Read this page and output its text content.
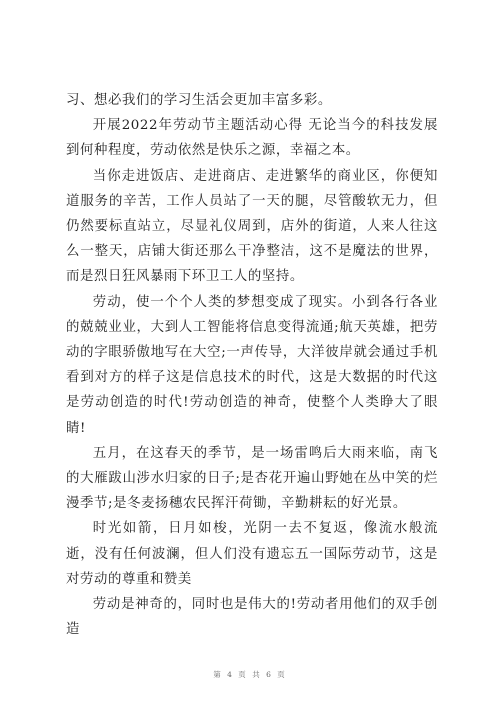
习、想必我们的学习生活会更加丰富多彩。

开展2022年劳动节主题活动心得 无论当今的科技发展到何种程度，劳动依然是快乐之源，幸福之本。

当你走进饭店、走进商店、走进繁华的商业区，你便知道服务的辛苦，工作人员站了一天的腿，尽管酸软无力，但仍然要标直站立，尽显礼仪周到，店外的街道，人来人往这么一整天，店铺大街还那么干净整洁，这不是魔法的世界，而是烈日狂风暴雨下环卫工人的坚持。

劳动，使一个个人类的梦想变成了现实。小到各行各业的兢兢业业，大到人工智能将信息变得流通;航天英雄，把劳动的字眼骄傲地写在大空;一声传导，大洋彼岸就会通过手机看到对方的样子这是信息技术的时代，这是大数据的时代这是劳动创造的时代!劳动创造的神奇，使整个人类睁大了眼睛!

五月，在这春天的季节，是一场雷鸣后大雨来临，南飞的大雁跋山涉水归家的日子;是杏花开遍山野她在丛中笑的烂漫季节;是冬麦扬穗农民挥汗荷锄，辛勤耕耘的好光景。

时光如箭，日月如梭，光阴一去不复返，像流水般流逝，没有任何波澜，但人们没有遗忘五一国际劳动节，这是对劳动的尊重和赞美

劳动是神奇的，同时也是伟大的!劳动者用他们的双手创造

第 4 页 共 6 页
